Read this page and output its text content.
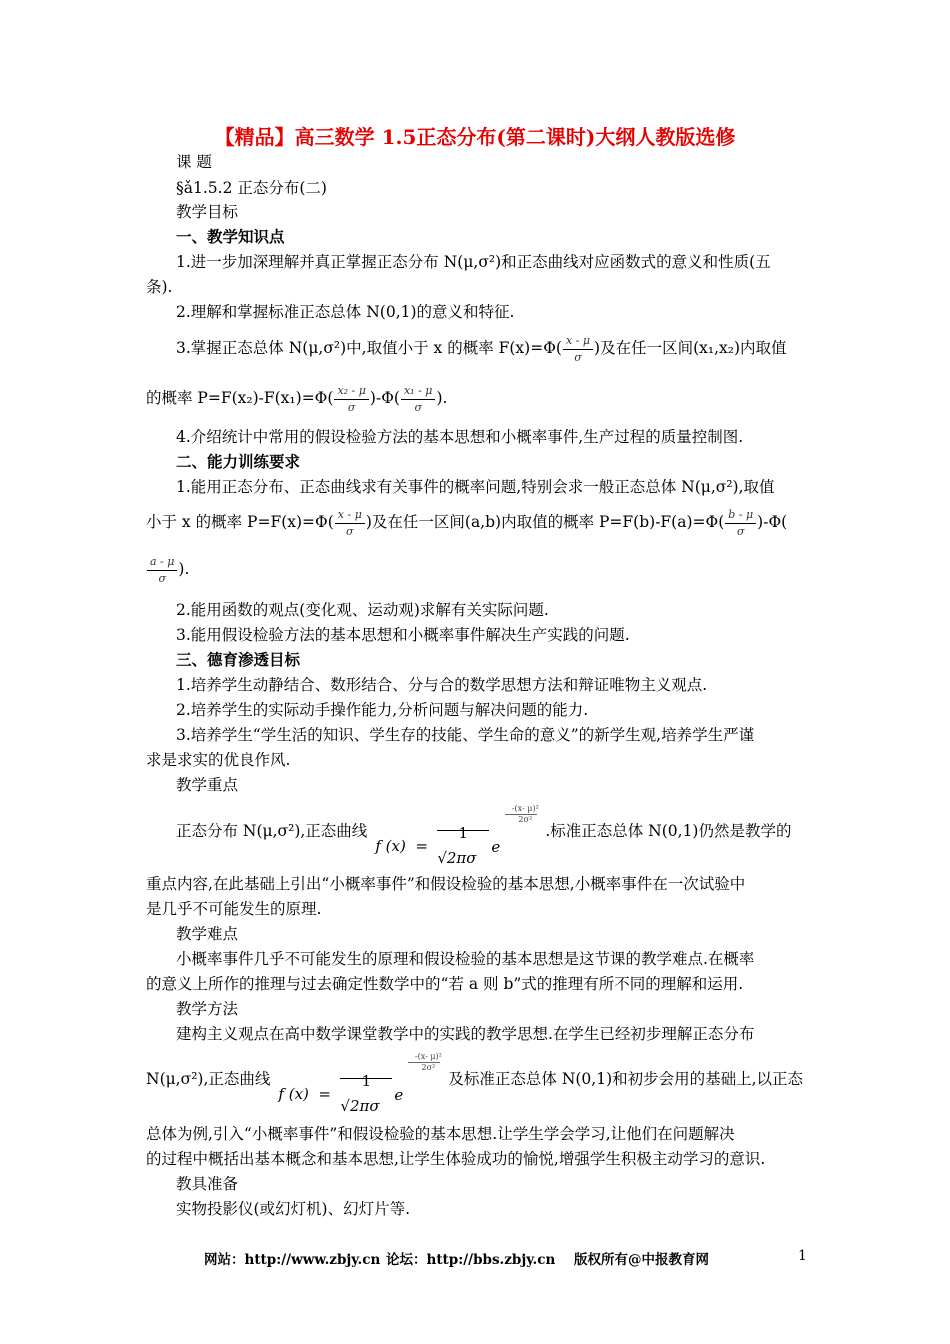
【精品】高三数学 1.5正态分布(第二课时)大纲人教版选修
课 题
§ǎ1.5.2 正态分布(二)
教学目标
一、教学知识点
1.进一步加深理解并真正掌握正态分布 N(μ,σ²)和正态曲线对应函数式的意义和性质(五
条).
2.理解和掌握标准正态总体 N(0,1)的意义和特征.
3.掌握正态总体 N(μ,σ²)中,取值小于 x 的概率 $F(x)=\Phi( \frac{x - \mu}{\sigma}$ )及在任一区间(x₁,x₂)内取值
的概率 $P=F(x_2)-F(x_1)=\Phi( \frac{\text{x₂ - μ}}{\sigma} )-\Phi( \frac{\text{x₁ - μ}}{\sigma}$ ).
4.介绍统计中常用的假设检验方法的基本思想和小概率事件,生产过程的质量控制图.
二、能力训练要求
1.能用正态分布、正态曲线求有关事件的概率问题,特别会求一般正态总体 N(μ,σ²),取值
小于 x 的概率 $P=F(x)=\Phi( \frac{x - \mu}{\sigma}$ )及在任一区间(a,b)内取值的概率 $P=F(b)-F(a)=\Phi( \frac{b - \mu}{\sigma} )-\Phi$(
$\frac{a - \mu}{\sigma}$ ).
2.能用函数的观点(变化观、运动观)求解有关实际问题.
3.能用假设检验方法的基本思想和小概率事件解决生产实践的问题.
三、德育渗透目标
1.培养学生动静结合、数形结合、分与合的数学思想方法和辩证唯物主义观点.
2.培养学生的实际动手操作能力,分析问题与解决问题的能力.
3.培养学生“学生活的知识、学生存的技能、学生命的意义”的新学生观,培养学生严谨
求是求实的优良作风.
教学重点
正态分布 N(μ,σ²),正态曲线
f (x) =
1
√2πσ
e
-(x- μ)²
2σ²
.标准正态总体 N(0,1)仍然是教学的
重点内容,在此基础上引出“小概率事件”和假设检验的基本思想,小概率事件在一次试验中
是几乎不可能发生的原理.
教学难点
小概率事件几乎不可能发生的原理和假设检验的基本思想是这节课的教学难点.在概率
的意义上所作的推理与过去确定性数学中的“若 a 则 b”式的推理有所不同的理解和运用.
教学方法
建构主义观点在高中数学课堂教学中的实践的教学思想.在学生已经初步理解正态分布
N(μ,σ²),正态曲线
f (x) =
1
√2πσ
e
-(x- μ)²
2σ²
及标准正态总体 N(0,1)和初步会用的基础上,以正态
总体为例,引入“小概率事件”和假设检验的基本思想.让学生学会学习,让他们在问题解决
的过程中概括出基本概念和基本思想,让学生体验成功的愉悦,增强学生积极主动学习的意识.
教具准备
实物投影仪(或幻灯机)、幻灯片等.
网站：http://www.zbjy.cn 论坛：http://bbs.zbjy.cn 版权所有@中报教育网	1
